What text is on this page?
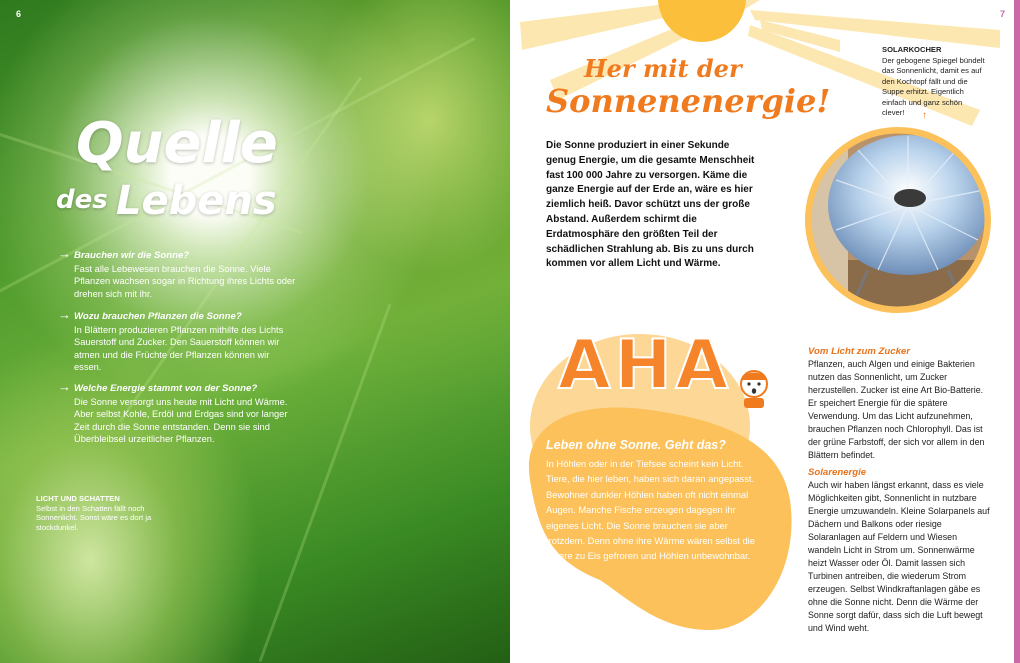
6
Quelle
des Lebens
→ Brauchen wir die Sonne?
Fast alle Lebewesen brauchen die Sonne. Viele Pflanzen wachsen sogar in Richtung ihres Lichts oder drehen sich mit ihr.
→ Wozu brauchen Pflanzen die Sonne?
In Blättern produzieren Pflanzen mithilfe des Lichts Sauerstoff und Zucker. Den Sauerstoff können wir atmen und die Früchte der Pflanzen können wir essen.
→ Welche Energie stammt von der Sonne?
Die Sonne versorgt uns heute mit Licht und Wärme. Aber selbst Kohle, Erdöl und Erdgas sind vor langer Zeit durch die Sonne entstanden. Denn sie sind Überbleibsel urzeitlicher Pflanzen.
LICHT UND SCHATTEN
Selbst in den Schatten fällt noch Sonnenlicht. Sonst wäre es dort ja stockdunkel.
7
Her mit der
Sonnenenergie!
Die Sonne produziert in einer Sekunde genug Energie, um die gesamte Menschheit fast 100 000 Jahre zu versorgen. Käme die ganze Energie auf der Erde an, wäre es hier ziemlich heiß. Davor schützt uns der große Abstand. Außerdem schirmt die Erdatmosphäre den größten Teil der schädlichen Strahlung ab. Bis zu uns durch kommen vor allem Licht und Wärme.
SOLARKOCHER
Der gebogene Spiegel bündelt das Sonnenlicht, damit es auf den Kochtopf fällt und die Suppe erhitzt. Eigentlich einfach und ganz schön clever!	↑
AHA
Leben ohne Sonne. Geht das?
In Höhlen oder in der Tiefsee scheint kein Licht. Tiere, die hier leben, haben sich daran angepasst. Bewohner dunkler Höhlen haben oft nicht einmal Augen. Manche Fische erzeugen dagegen ihr eigenes Licht. Die Sonne brauchen sie aber trotzdem. Denn ohne ihre Wärme wären selbst die Meere zu Eis gefroren und Höhlen unbewohnbar.
Vom Licht zum Zucker
Pflanzen, auch Algen und einige Bakterien nutzen das Sonnenlicht, um Zucker herzustellen. Zucker ist eine Art Bio-Batterie. Er speichert Energie für die spätere Verwendung. Um das Licht aufzunehmen, brauchen Pflanzen noch Chlorophyll. Das ist der grüne Farbstoff, der sich vor allem in den Blättern befindet.
Solarenergie
Auch wir haben längst erkannt, dass es viele Möglichkeiten gibt, Sonnenlicht in nutzbare Energie umzuwandeln. Kleine Solarpanels auf Dächern und Balkons oder riesige Solaranlagen auf Feldern und Wiesen wandeln Licht in Strom um. Sonnenwärme heizt Wasser oder Öl. Damit lassen sich Turbinen antreiben, die wiederum Strom erzeugen. Selbst Windkraftanlagen gäbe es ohne die Sonne nicht. Denn die Wärme der Sonne sorgt dafür, dass sich die Luft bewegt und Wind weht.
